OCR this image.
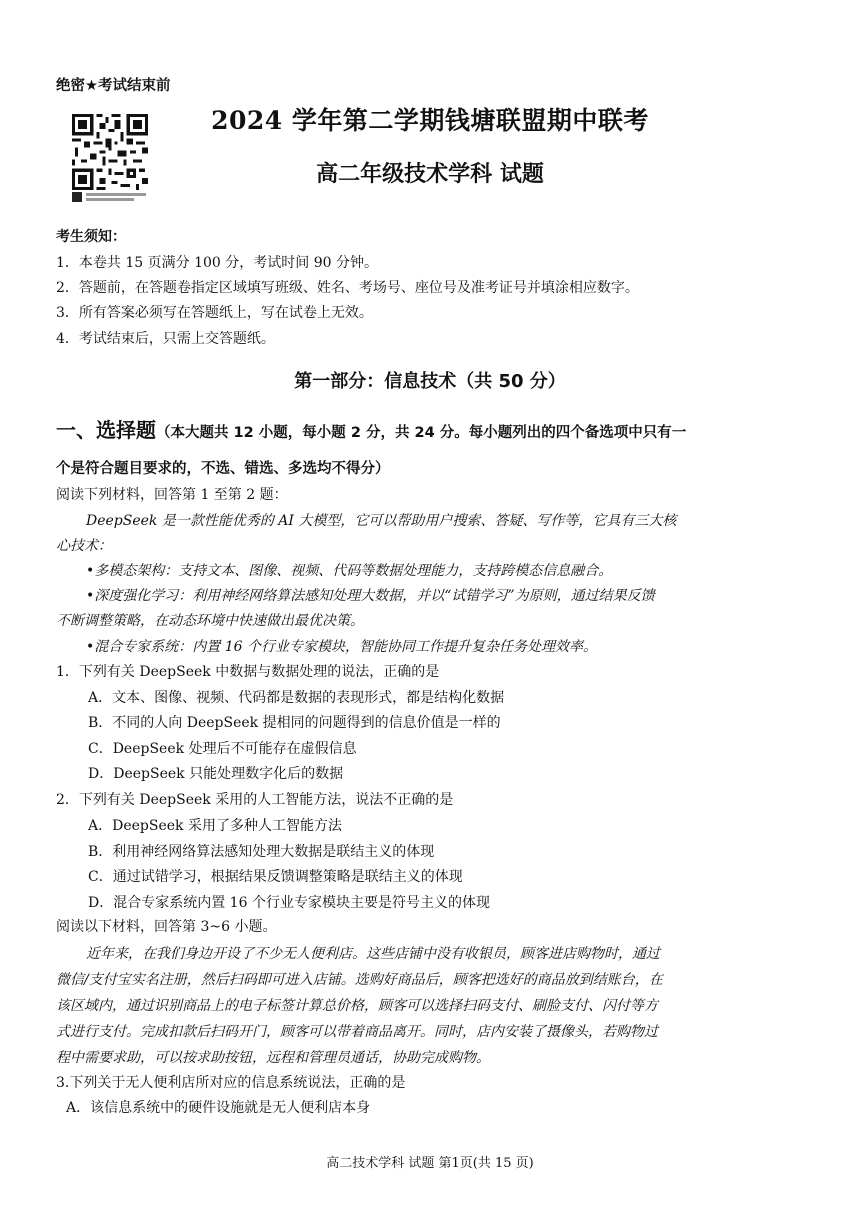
绝密★考试结束前
2024 学年第二学期钱塘联盟期中联考
高二年级技术学科 试题
考生须知：
1．本卷共 15 页满分 100 分，考试时间 90 分钟。
2．答题前，在答题卷指定区域填写班级、姓名、考场号、座位号及准考证号并填涂相应数字。
3．所有答案必须写在答题纸上，写在试卷上无效。
4．考试结束后，只需上交答题纸。
第一部分：信息技术（共 50 分）
一、选择题（本大题共 12 小题，每小题 2 分，共 24 分。每小题列出的四个备选项中只有一
个是符合题目要求的，不选、错选、多选均不得分）
阅读下列材料，回答第 1 至第 2 题：
DeepSeek 是一款性能优秀的 AI 大模型，它可以帮助用户搜索、答疑、写作等，它具有三大核
心技术：
•多模态架构：支持文本、图像、视频、代码等数据处理能力，支持跨模态信息融合。
•深度强化学习：利用神经网络算法感知处理大数据，并以“试错学习”为原则，通过结果反馈
不断调整策略，在动态环境中快速做出最优决策。
•混合专家系统：内置 16 个行业专家模块，智能协同工作提升复杂任务处理效率。
1．下列有关 DeepSeek 中数据与数据处理的说法，正确的是
A．文本、图像、视频、代码都是数据的表现形式，都是结构化数据
B．不同的人向 DeepSeek 提相同的问题得到的信息价值是一样的
C．DeepSeek 处理后不可能存在虚假信息
D．DeepSeek 只能处理数字化后的数据
2．下列有关 DeepSeek 采用的人工智能方法，说法不正确的是
A．DeepSeek 采用了多种人工智能方法
B．利用神经网络算法感知处理大数据是联结主义的体现
C．通过试错学习，根据结果反馈调整策略是联结主义的体现
D．混合专家系统内置 16 个行业专家模块主要是符号主义的体现
阅读以下材料，回答第 3~6 小题。
近年来，在我们身边开设了不少无人便利店。这些店铺中没有收银员，顾客进店购物时，通过
微信/支付宝实名注册，然后扫码即可进入店铺。选购好商品后，顾客把选好的商品放到结账台，在
该区域内，通过识别商品上的电子标签计算总价格，顾客可以选择扫码支付、刷脸支付、闪付等方
式进行支付。完成扣款后扫码开门，顾客可以带着商品离开。同时，店内安装了摄像头，若购物过
程中需要求助，可以按求助按钮，远程和管理员通话，协助完成购物。
3.下列关于无人便利店所对应的信息系统说法，正确的是
A．该信息系统中的硬件设施就是无人便利店本身
高二技术学科 试题 第1页(共 15 页)
